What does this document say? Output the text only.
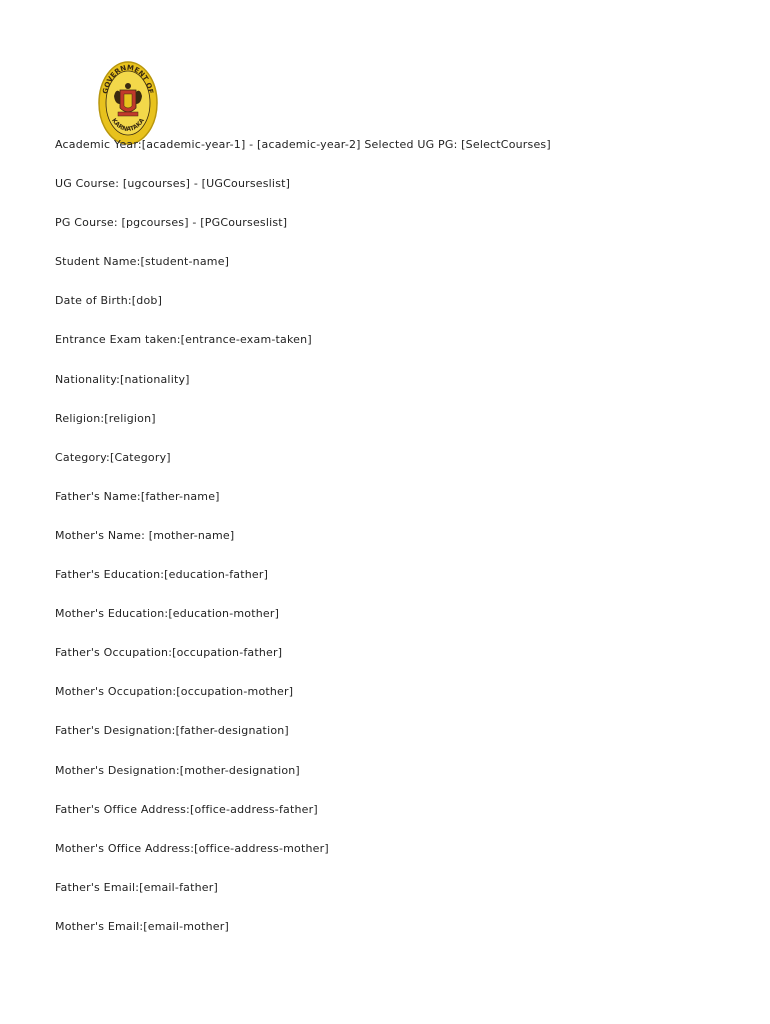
GOVERNMENT OF
KARNATAKA
Academic Year:[academic-year-1] - [academic-year-2] Selected UG PG: [SelectCourses]
UG Course: [ugcourses] - [UGCourseslist]
PG Course: [pgcourses] - [PGCourseslist]
Student Name:[student-name]
Date of Birth:[dob]
Entrance Exam taken:[entrance-exam-taken]
Nationality:[nationality]
Religion:[religion]
Category:[Category]
Father's Name:[father-name]
Mother's Name: [mother-name]
Father's Education:[education-father]
Mother's Education:[education-mother]
Father's Occupation:[occupation-father]
Mother's Occupation:[occupation-mother]
Father's Designation:[father-designation]
Mother's Designation:[mother-designation]
Father's Office Address:[office-address-father]
Mother's Office Address:[office-address-mother]
Father's Email:[email-father]
Mother's Email:[email-mother]
